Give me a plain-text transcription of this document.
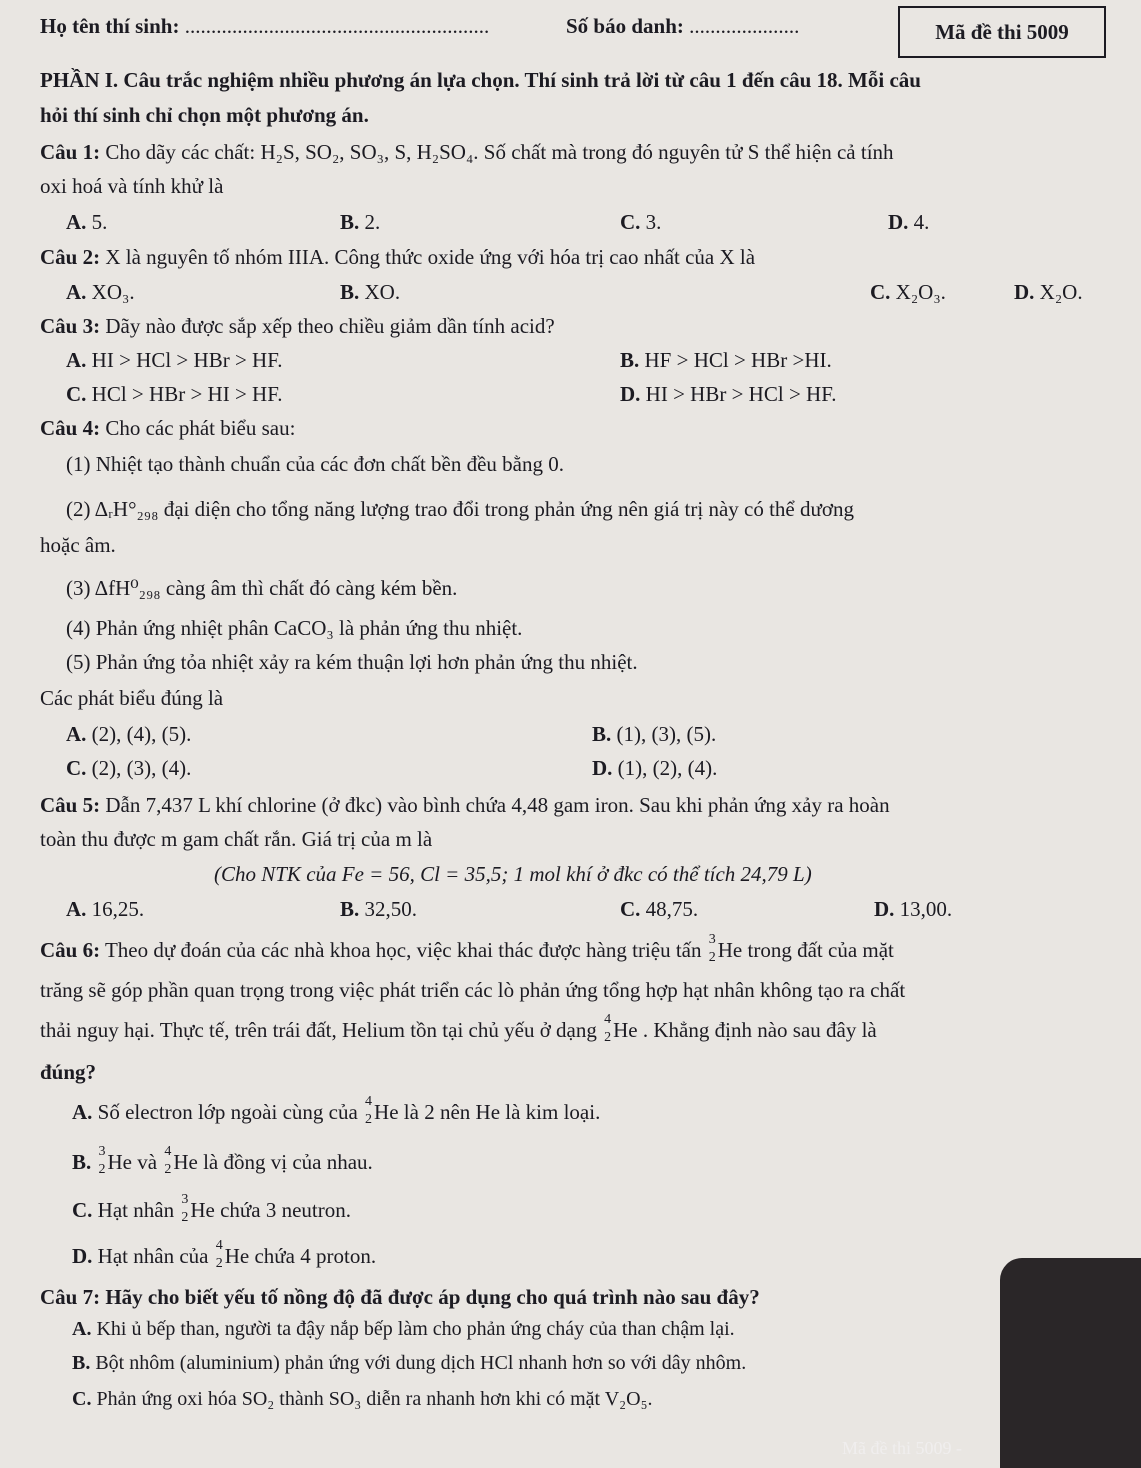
Họ tên thí sinh: ..........................................................	Số báo danh: .....................	Mã đề thi 5009
PHẦN I. Câu trắc nghiệm nhiều phương án lựa chọn. Thí sinh trả lời từ câu 1 đến câu 18. Mỗi câu
hỏi thí sinh chỉ chọn một phương án.
Câu 1: Cho dãy các chất: H₂S, SO₂, SO₃, S, H₂SO₄. Số chất mà trong đó nguyên tử S thể hiện cả tính
oxi hoá và tính khử là
A. 5.	B. 2.	C. 3.	D. 4.
Câu 2: X là nguyên tố nhóm IIIA. Công thức oxide ứng với hóa trị cao nhất của X là
A. XO₃.	B. XO.	C. X₂O₃.	D. X₂O.
Câu 3: Dãy nào được sắp xếp theo chiều giảm dần tính acid?
A. HI > HCl > HBr > HF.	B. HF > HCl > HBr >HI.
C. HCl > HBr > HI > HF.	D. HI > HBr > HCl > HF.
Câu 4: Cho các phát biểu sau:
(1) Nhiệt tạo thành chuẩn của các đơn chất bền đều bằng 0.
(2) ΔᵣH°₂₉₈ đại diện cho tổng năng lượng trao đổi trong phản ứng nên giá trị này có thể dương
hoặc âm.
(3) ΔfH⁰₂₉₈ càng âm thì chất đó càng kém bền.
(4) Phản ứng nhiệt phân CaCO₃ là phản ứng thu nhiệt.
(5) Phản ứng tỏa nhiệt xảy ra kém thuận lợi hơn phản ứng thu nhiệt.
Các phát biểu đúng là
A. (2), (4), (5).	B. (1), (3), (5).
C. (2), (3), (4).	D. (1), (2), (4).
Câu 5: Dẫn 7,437 L khí chlorine (ở đkc) vào bình chứa 4,48 gam iron. Sau khi phản ứng xảy ra hoàn
toàn thu được m gam chất rắn. Giá trị của m là
(Cho NTK của Fe = 56, Cl = 35,5; 1 mol khí ở đkc có thể tích 24,79 L)
A. 16,25.	B. 32,50.	C. 48,75.	D. 13,00.
Câu 6: Theo dự đoán của các nhà khoa học, việc khai thác được hàng triệu tấn 3
2 He trong đất của mặt
trăng sẽ góp phần quan trọng trong việc phát triển các lò phản ứng tổng hợp hạt nhân không tạo ra chất
thải nguy hại. Thực tế, trên trái đất, Helium tồn tại chủ yếu ở dạng 4
2 He . Khẳng định nào sau đây là
đúng?
A. Số electron lớp ngoài cùng của 4
2 He là 2 nên He là kim loại.
B. 3
2 He và 4
2 He là đồng vị của nhau.
C. Hạt nhân 3
2 He chứa 3 neutron.
D. Hạt nhân của 4
2 He chứa 4 proton.
Câu 7: Hãy cho biết yếu tố nồng độ đã được áp dụng cho quá trình nào sau đây?
A. Khi ủ bếp than, người ta đậy nắp bếp làm cho phản ứng cháy của than chậm lại.
B. Bột nhôm (aluminium) phản ứng với dung dịch HCl nhanh hơn so với dây nhôm.
C. Phản ứng oxi hóa SO₂ thành SO₃ diễn ra nhanh hơn khi có mặt V₂O₅.
Mã đề thi 5009 -
